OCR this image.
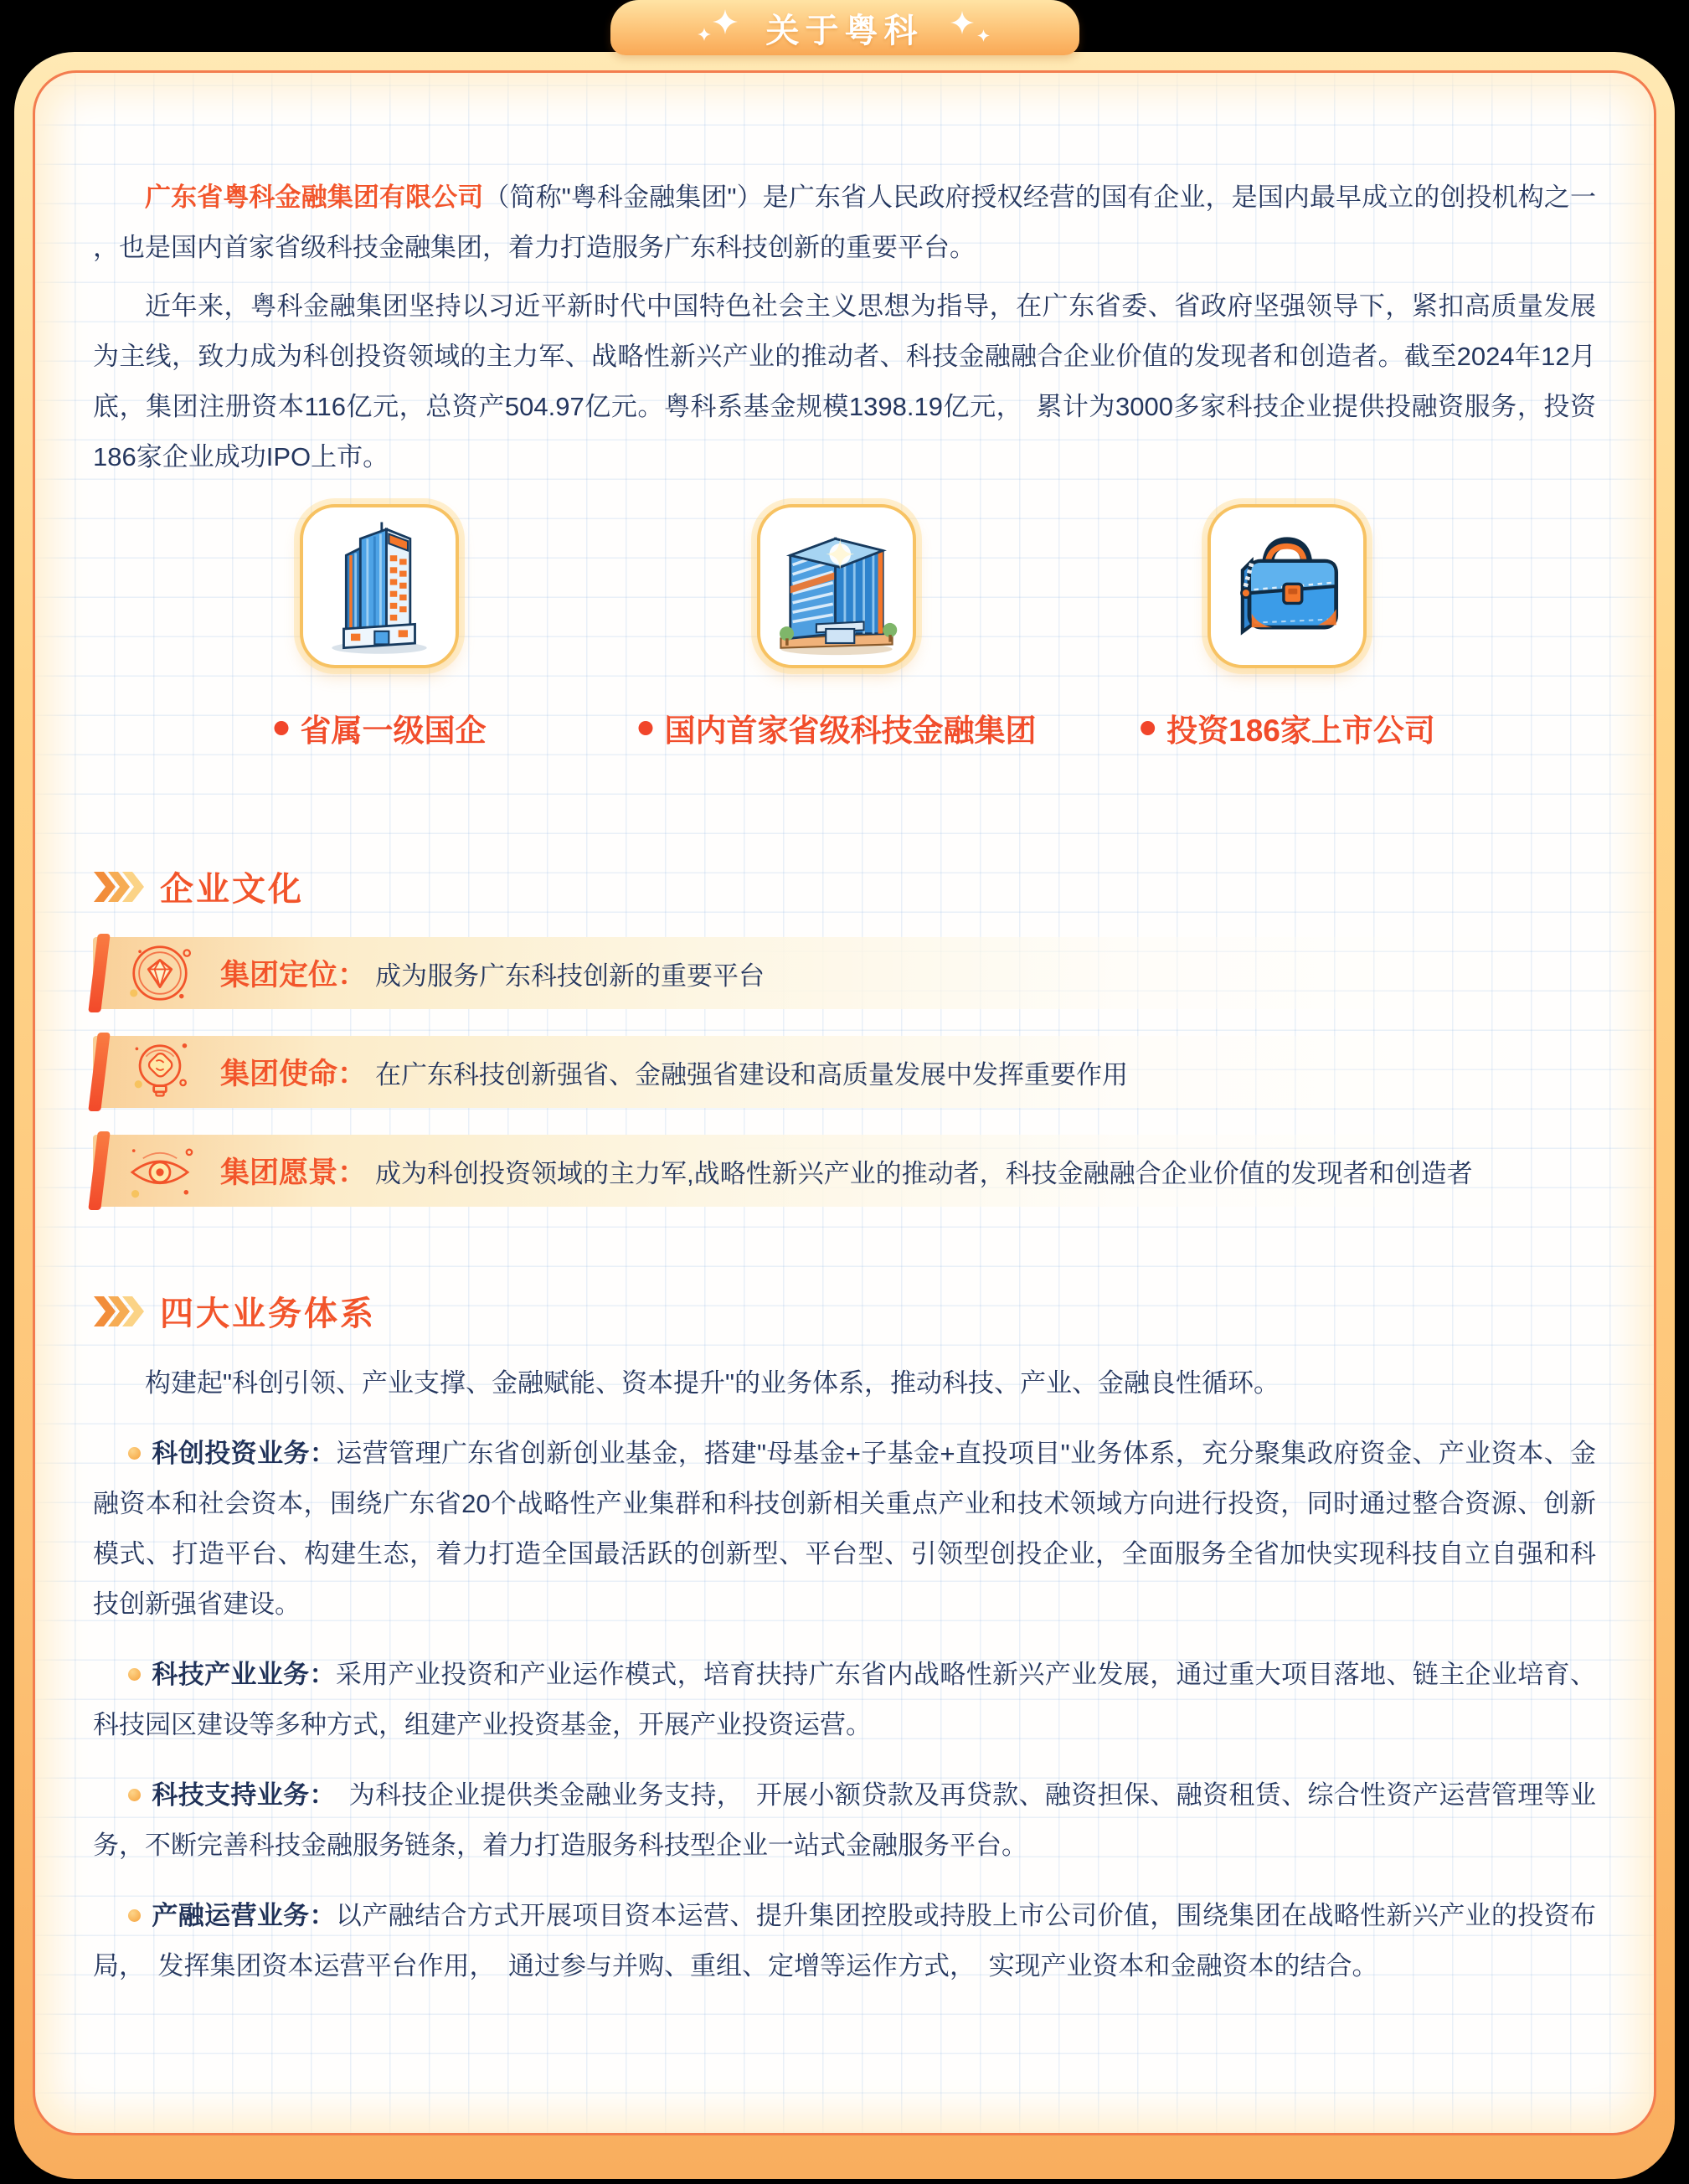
关于粤科

广东省粤科金融集团有限公司（简称"粤科金融集团"）是广东省人民政府授权经营的国有企业，是国内最早成立的创投机构之一 ，也是国内首家省级科技金融集团，着力打造服务广东科技创新的重要平台。

近年来，粤科金融集团坚持以习近平新时代中国特色社会主义思想为指导，在广东省委、省政府坚强领导下，紧扣高质量发展为主线，致力成为科创投资领域的主力军、战略性新兴产业的推动者、科技金融融合企业价值的发现者和创造者。截至2024年12月底，集团注册资本116亿元，总资产504.97亿元。粤科系基金规模1398.19亿元，　累计为3000多家科技企业提供投融资服务，投资186家企业成功IPO上市。

省属一级国企	国内首家省级科技金融集团	投资186家上市公司
企业文化
集团定位： 成为服务广东科技创新的重要平台
集团使命： 在广东科技创新强省、金融强省建设和高质量发展中发挥重要作用
集团愿景： 成为科创投资领域的主力军,战略性新兴产业的推动者，科技金融融合企业价值的发现者和创造者
四大业务体系

构建起"科创引领、产业支撑、金融赋能、资本提升"的业务体系，推动科技、产业、金融良性循环。

科创投资业务：运营管理广东省创新创业基金，搭建"母基金+子基金+直投项目"业务体系，充分聚集政府资金、产业资本、金融资本和社会资本，围绕广东省20个战略性产业集群和科技创新相关重点产业和技术领域方向进行投资，同时通过整合资源、创新模式、打造平台、构建生态，着力打造全国最活跃的创新型、平台型、引领型创投企业，全面服务全省加快实现科技自立自强和科技创新强省建设。

科技产业业务：采用产业投资和产业运作模式，培育扶持广东省内战略性新兴产业发展，通过重大项目落地、链主企业培育、科技园区建设等多种方式，组建产业投资基金，开展产业投资运营。

科技支持业务：　为科技企业提供类金融业务支持，　开展小额贷款及再贷款、融资担保、融资租赁、综合性资产运营管理等业务，不断完善科技金融服务链条，着力打造服务科技型企业一站式金融服务平台。

产融运营业务：以产融结合方式开展项目资本运营、提升集团控股或持股上市公司价值，围绕集团在战略性新兴产业的投资布局，　发挥集团资本运营平台作用，　通过参与并购、重组、定增等运作方式，　实现产业资本和金融资本的结合。
